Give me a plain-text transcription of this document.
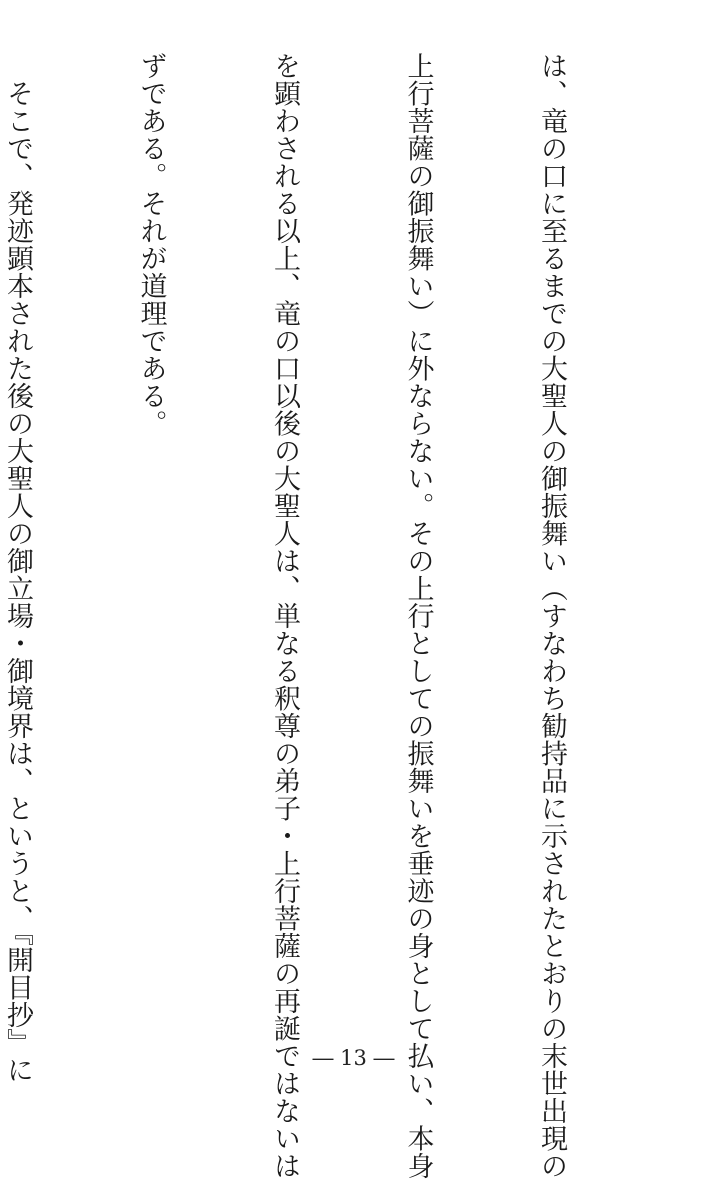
は、竜の口に至るまでの大聖人の御振舞い（すなわち勧持品に示されたとおりの末世出現の

上行菩薩の御振舞い）に外ならない。その上行としての振舞いを垂迹の身として払い、本身

を顕わされる以上、竜の口以後の大聖人は、単なる釈尊の弟子・上行菩薩の再誕ではないは

ずである。それが道理である。

　そこで、発迹顕本された後の大聖人の御立場・御境界は、というと、『開目抄』に

	― 13 ―
